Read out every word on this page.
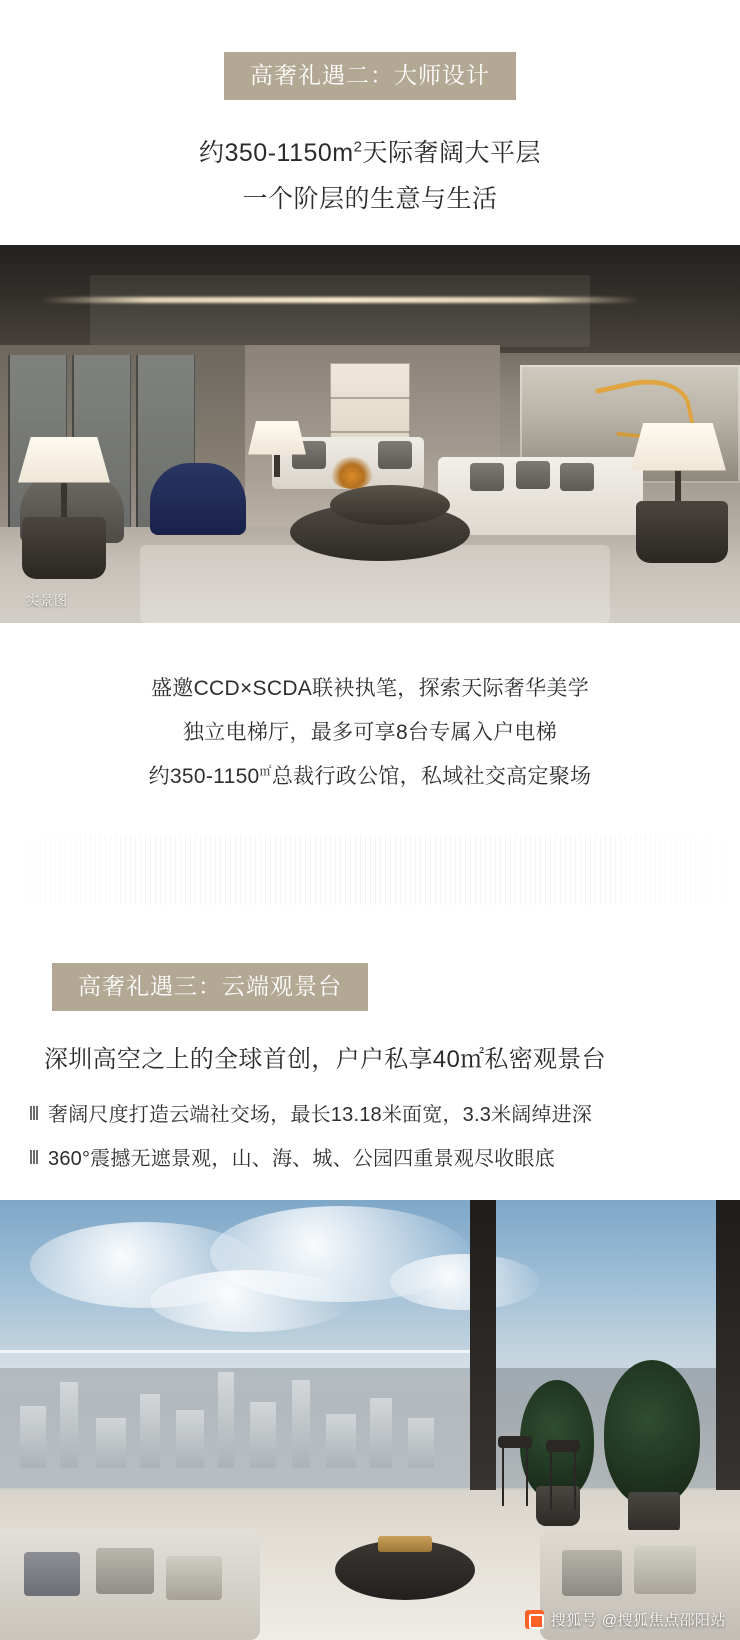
高奢礼遇二：大师设计
约$350-1150m^2$天际奢阔大平层
一个阶层的生意与生活
实景图
盛邀CCD×SCDA联袂执笔，探索天际奢华美学
独立电梯厅，最多可享8台专属入户电梯
约350-1150㎡总裁行政公馆，私域社交高定聚场
高奢礼遇三：云端观景台
深圳高空之上的全球首创，户户私享40㎡私密观景台
奢阔尺度打造云端社交场，最长13.18米面宽，3.3米阔绰进深
360°震撼无遮景观，山、海、城、公园四重景观尽收眼底
搜狐号 @搜狐焦点邵阳站
